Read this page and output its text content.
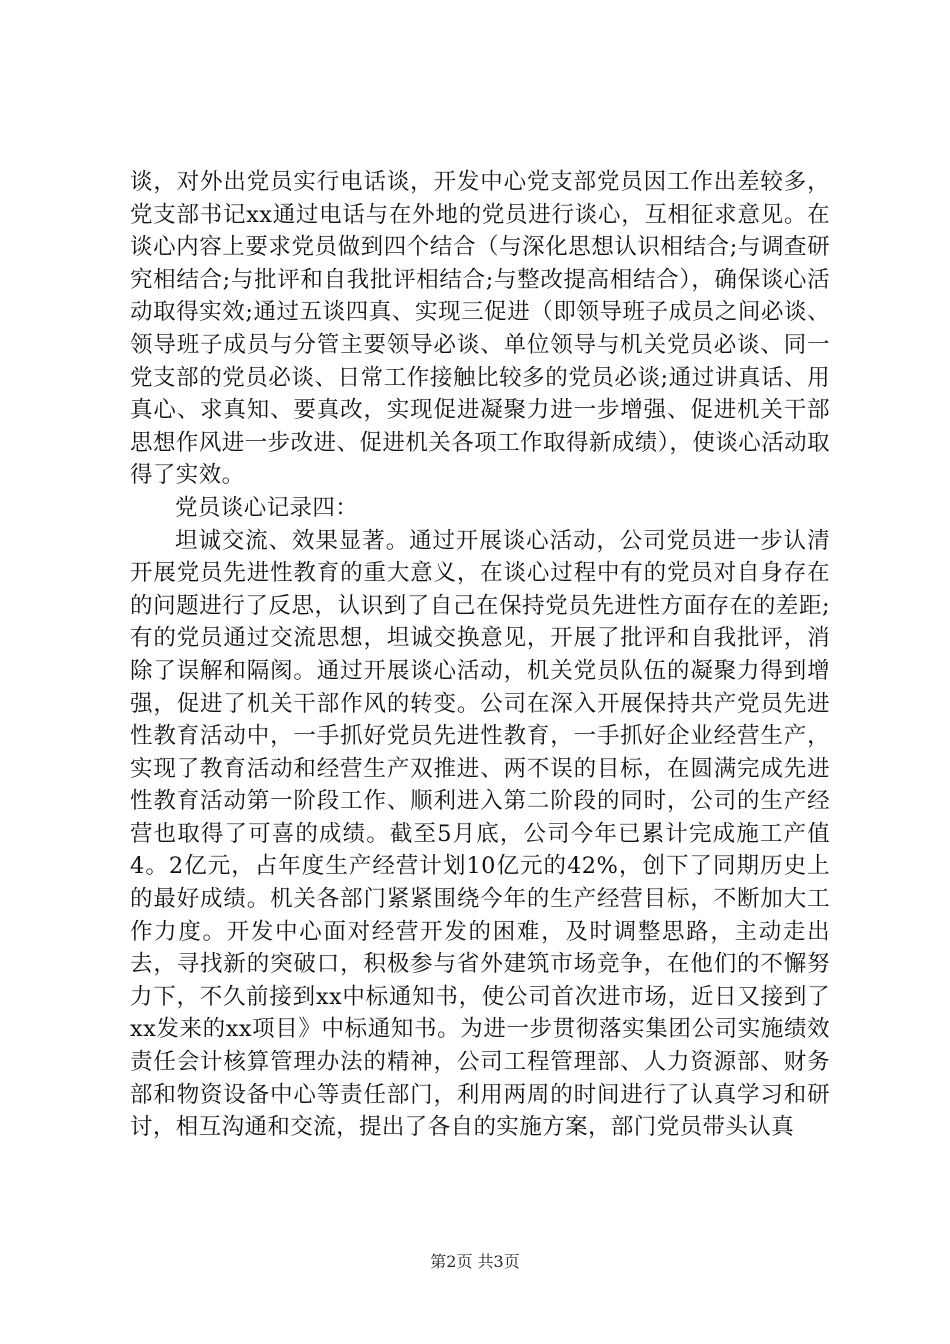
谈，对外出党员实行电话谈，开发中心党支部党员因工作出差较多，党支部书记xx通过电话与在外地的党员进行谈心，互相征求意见。在谈心内容上要求党员做到四个结合（与深化思想认识相结合;与调查研究相结合;与批评和自我批评相结合;与整改提高相结合），确保谈心活动取得实效;通过五谈四真、实现三促进（即领导班子成员之间必谈、领导班子成员与分管主要领导必谈、单位领导与机关党员必谈、同一党支部的党员必谈、日常工作接触比较多的党员必谈;通过讲真话、用真心、求真知、要真改，实现促进凝聚力进一步增强、促进机关干部思想作风进一步改进、促进机关各项工作取得新成绩），使谈心活动取得了实效。

党员谈心记录四：

坦诚交流、效果显著。通过开展谈心活动，公司党员进一步认清开展党员先进性教育的重大意义，在谈心过程中有的党员对自身存在的问题进行了反思，认识到了自己在保持党员先进性方面存在的差距;有的党员通过交流思想，坦诚交换意见，开展了批评和自我批评，消除了误解和隔阂。通过开展谈心活动，机关党员队伍的凝聚力得到增强，促进了机关干部作风的转变。公司在深入开展保持共产党员先进性教育活动中，一手抓好党员先进性教育，一手抓好企业经营生产，实现了教育活动和经营生产双推进、两不误的目标，在圆满完成先进性教育活动第一阶段工作、顺利进入第二阶段的同时，公司的生产经营也取得了可喜的成绩。截至5月底，公司今年已累计完成施工产值4。2亿元，占年度生产经营计划10亿元的42%，创下了同期历史上的最好成绩。机关各部门紧紧围绕今年的生产经营目标，不断加大工作力度。开发中心面对经营开发的困难，及时调整思路，主动走出去，寻找新的突破口，积极参与省外建筑市场竞争，在他们的不懈努力下，不久前接到xx中标通知书，使公司首次进市场，近日又接到了xx发来的xx项目》中标通知书。为进一步贯彻落实集团公司实施绩效责任会计核算管理办法的精神，公司工程管理部、人力资源部、财务部和物资设备中心等责任部门，利用两周的时间进行了认真学习和研讨，相互沟通和交流，提出了各自的实施方案，部门党员带头认真

第2页 共3页
